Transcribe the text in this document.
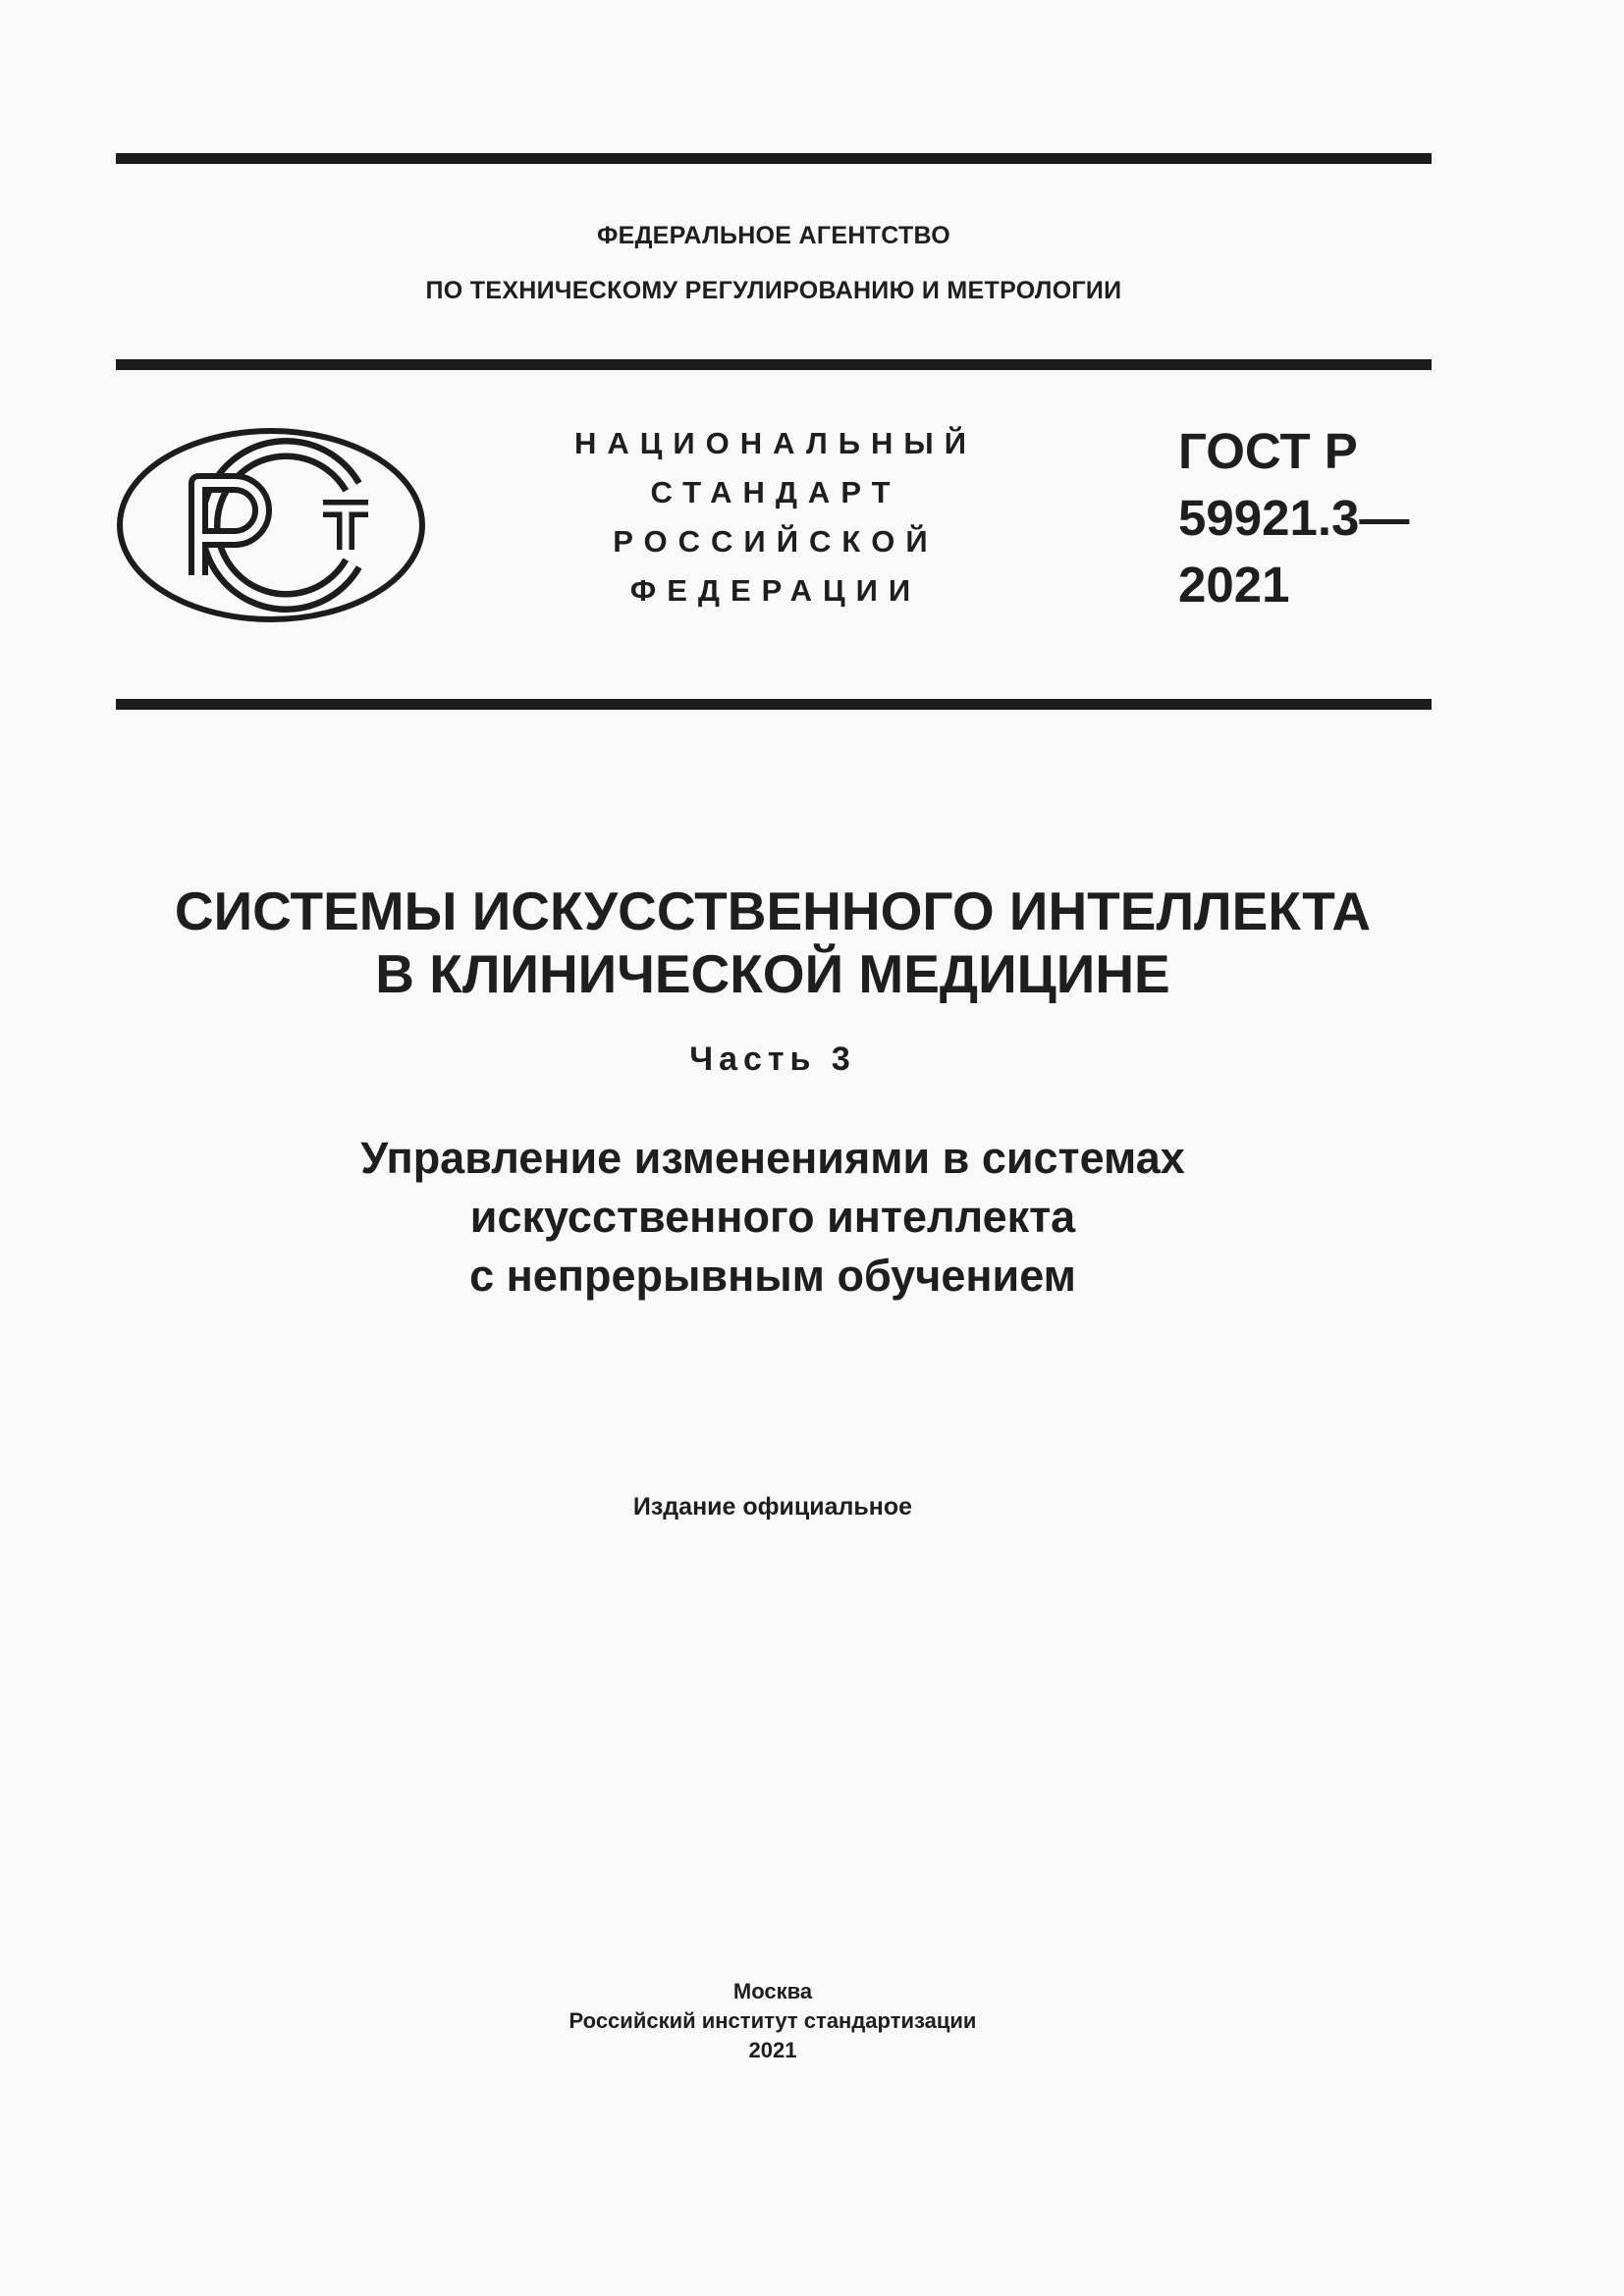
ФЕДЕРАЛЬНОЕ АГЕНТСТВО
ПО ТЕХНИЧЕСКОМУ РЕГУЛИРОВАНИЮ И МЕТРОЛОГИИ
НАЦИОНАЛЬНЫЙ
СТАНДАРТ
РОССИЙСКОЙ
ФЕДЕРАЦИИ
ГОСТ Р
59921.3—
2021
СИСТЕМЫ ИСКУССТВЕННОГО ИНТЕЛЛЕКТА
В КЛИНИЧЕСКОЙ МЕДИЦИНЕ
Часть 3
Управление изменениями в системах
искусственного интеллекта
с непрерывным обучением
Издание официальное
Москва
Российский институт стандартизации
2021
